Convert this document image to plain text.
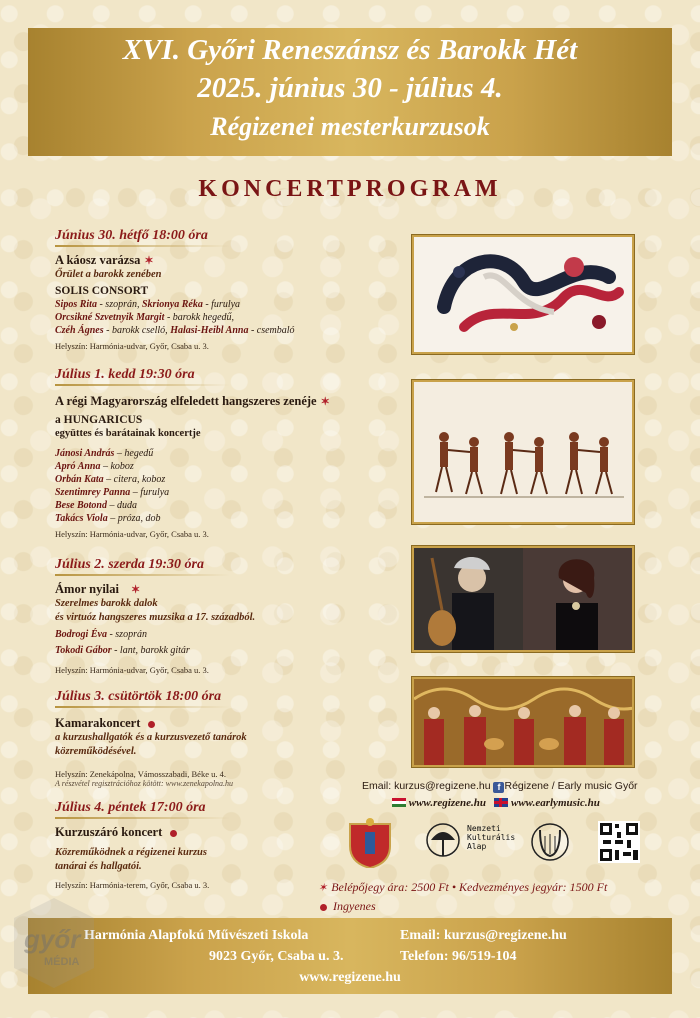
XVI. Győri Reneszánsz és Barokk Hét
2025. június 30 - július 4.
Régizenei mesterkurzusok
KONCERTPROGRAM
Június 30. hétfő 18:00 óra
A káosz varázsa ✶
Őrület a barokk zenében
SOLIS CONSORT
Sipos Rita - szoprán, Skrionya Réka - furulya
Orcsikné Szvetnyik Margit - barokk hegedű,
Czéh Ágnes - barokk cselló, Halasi-Heibl Anna - csembaló
Helyszín: Harmónia-udvar, Győr, Csaba u. 3.
Július 1. kedd 19:30 óra
A régi Magyarország elfeledett hangszeres zenéje ✶
a HUNGARICUS
együttes és barátainak koncertje
Jánosi András – hegedű
Apró Anna – koboz
Orbán Kata – citera, koboz
Szentimrey Panna – furulya
Bese Botond – duda
Takács Viola – próza, dob
Helyszín: Harmónia-udvar, Győr, Csaba u. 3.
Július 2. szerda 19:30 óra
Ámor nyilai ✶
Szerelmes barokk dalok
és virtuóz hangszeres muzsika a 17. századból.
Bodrogi Éva - szoprán
Tokodi Gábor - lant, barokk gitár
Helyszín: Harmónia-udvar, Győr, Csaba u. 3.
Július 3. csütörtök 18:00 óra
Kamarakoncert
a kurzushallgatók és a kurzusvezető tanárok
közreműködésével.
Helyszín: Zenekápolna, Vámosszabadi, Béke u. 4.
A részvétel regisztrációhoz kötött: www.zenekapolna.hu
Július 4. péntek 17:00 óra
Kurzuszáró koncert
Közreműködnek a régizenei kurzus
tanárai és hallgatói.
Helyszín: Harmónia-terem, Győr, Csaba u. 3.
Email: kurzus@regizene.hu f Régizene / Early music Győr
www.regizene.hu www.earlymusic.hu
Nemzeti
Kulturális
Alap
✶ Belépőjegy ára: 2500 Ft • Kedvezményes jegyár: 1500 Ft
Ingyenes
Harmónia Alapfokú Művészeti Iskola
9023 Győr, Csaba u. 3.
Email: kurzus@regizene.hu
Telefon: 96/519-104
www.regizene.hu
győr
MÉDIA
